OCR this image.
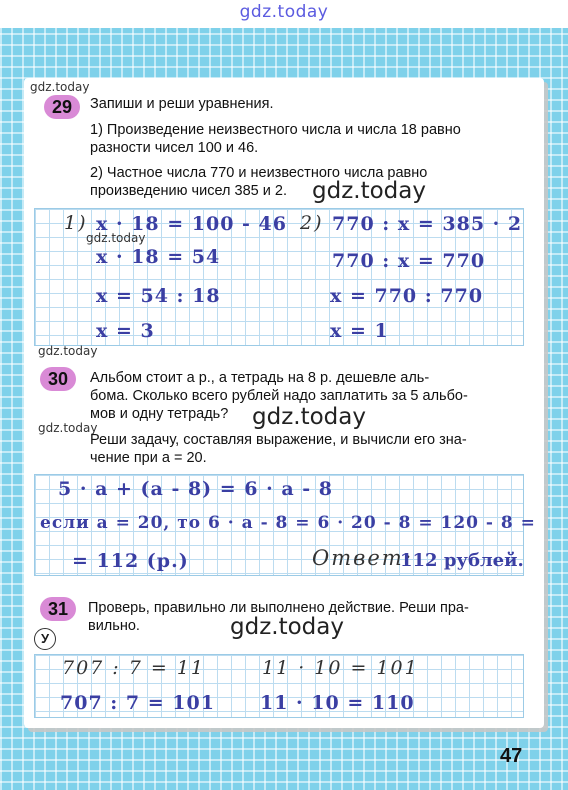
gdz.today
gdz.today
29	Запиши и реши уравнения.
1) Произведение неизвестного числа и числа 18 равно
разности чисел 100 и 46.
2) Частное числа 770 и неизвестного числа равно
произведению чисел 385 и 2. gdz.today
1) x · 18 = 100 - 46 2) 770 : x = 385 · 2
gdz.today
x · 18 = 54	770 : x = 770
x = 54 : 18	x = 770 : 770
x = 3	x = 1
gdz.today
30	Альбом стоит a р., а тетрадь на 8 р. дешевле аль-
бома. Сколько всего рублей надо заплатить за 5 альбо-
мов и одну тетрадь?
gdz.today	gdz.today
Реши задачу, составляя выражение, и вычисли его зна-
чение при a = 20.
5 · a + (a - 8) = 6 · a - 8
если a = 20, то 6 · a - 8 = 6 · 20 - 8 = 120 - 8 =
= 112 (р.)	Ответ:
112 рублей.
31	Проверь, правильно ли выполнено действие. Реши пра-
вильно.	gdz.today
У
707 : 7 = 11	11 · 10 = 101
707 : 7 = 101 11 · 10 = 110
47
